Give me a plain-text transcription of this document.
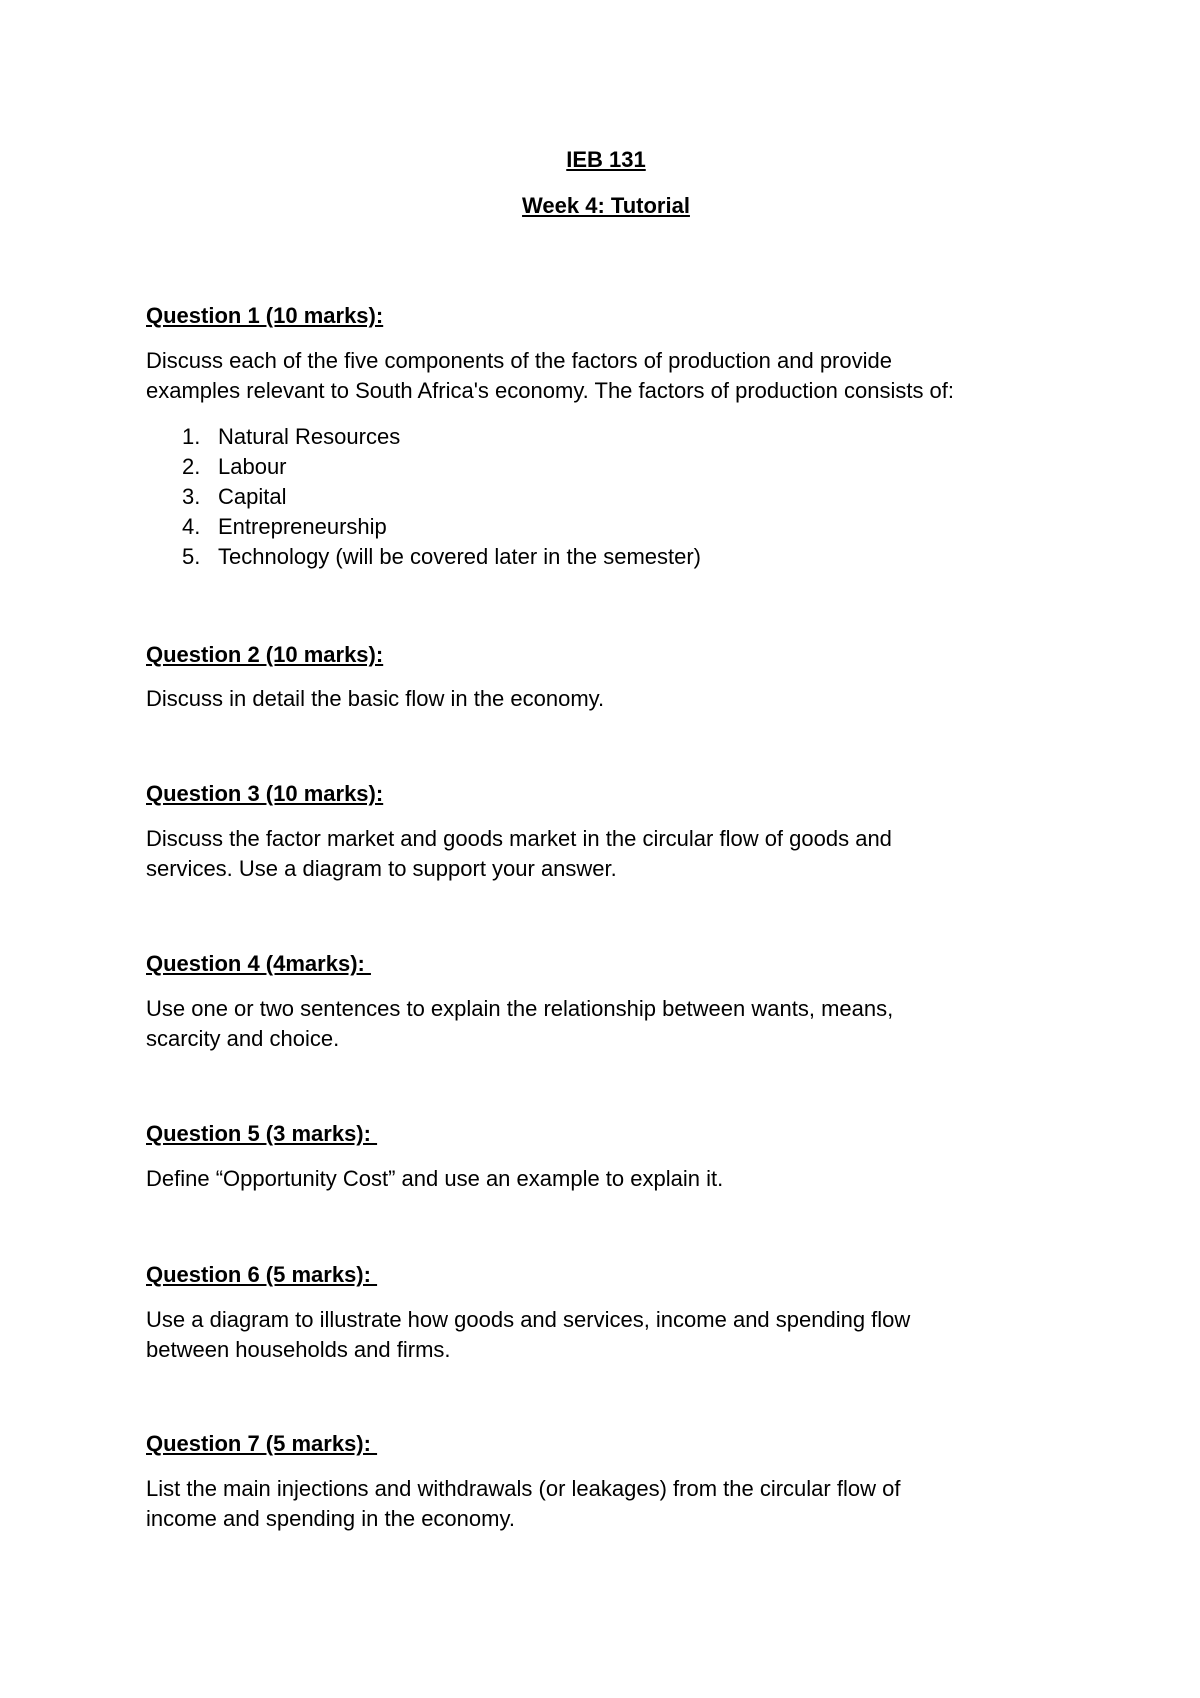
IEB 131
Week 4: Tutorial
Question 1 (10 marks):

Discuss each of the five components of the factors of production and provide

examples relevant to South Africa's economy. The factors of production consists of:

1. Natural Resources
2. Labour
3. Capital
4. Entrepreneurship
5. Technology (will be covered later in the semester)
Question 2 (10 marks):

Discuss in detail the basic flow in the economy.

Question 3 (10 marks):

Discuss the factor market and goods market in the circular flow of goods and

services. Use a diagram to support your answer.

Question 4 (4marks):

Use one or two sentences to explain the relationship between wants, means,

scarcity and choice.

Question 5 (3 marks):

Define “Opportunity Cost” and use an example to explain it.

Question 6 (5 marks):

Use a diagram to illustrate how goods and services, income and spending flow

between households and firms.

Question 7 (5 marks):

List the main injections and withdrawals (or leakages) from the circular flow of

income and spending in the economy.
